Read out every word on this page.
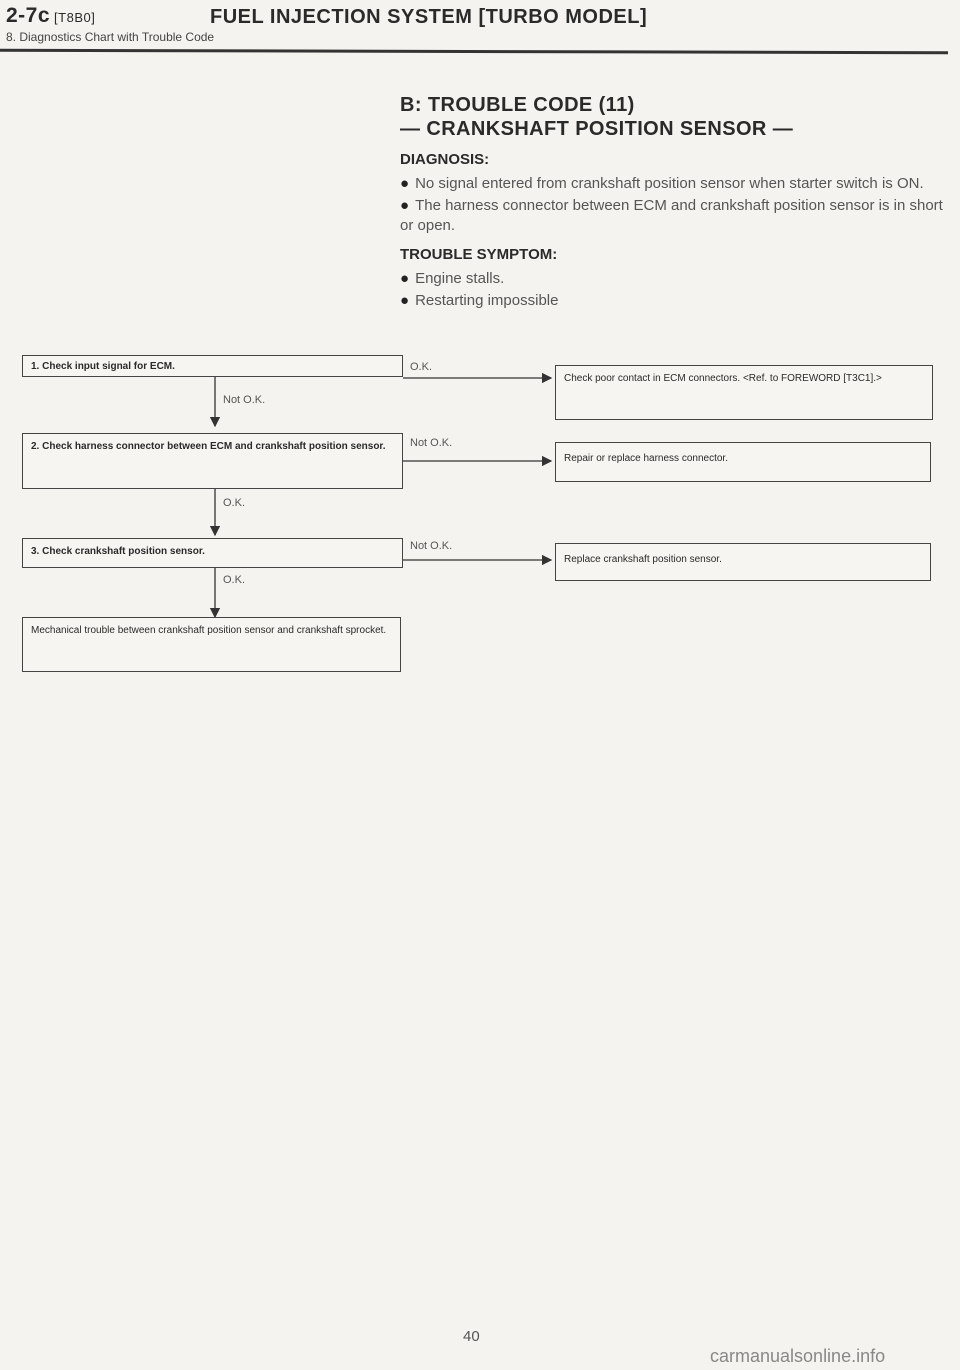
2-7c [T8B0]	FUEL INJECTION SYSTEM [TURBO MODEL]
8. Diagnostics Chart with Trouble Code

B: TROUBLE CODE (11)

— CRANKSHAFT POSITION SENSOR —

DIAGNOSIS:

● No signal entered from crankshaft position sensor when starter switch is ON.

● The harness connector between ECM and crankshaft position sensor is in short or open.

TROUBLE SYMPTOM:

● Engine stalls.

● Restarting impossible

1. Check input signal for ECM.
2. Check harness connector between ECM and crankshaft position sensor.
3. Check crankshaft position sensor.
Mechanical trouble between crankshaft position sensor and crankshaft sprocket.
Check poor contact in ECM connectors. <Ref. to FOREWORD [T3C1].>
Repair or replace harness connector.
Replace crankshaft position sensor.
O.K.
Not O.K.
Not O.K.
O.K.
Not O.K.
O.K.
40
carmanualsonline.info
